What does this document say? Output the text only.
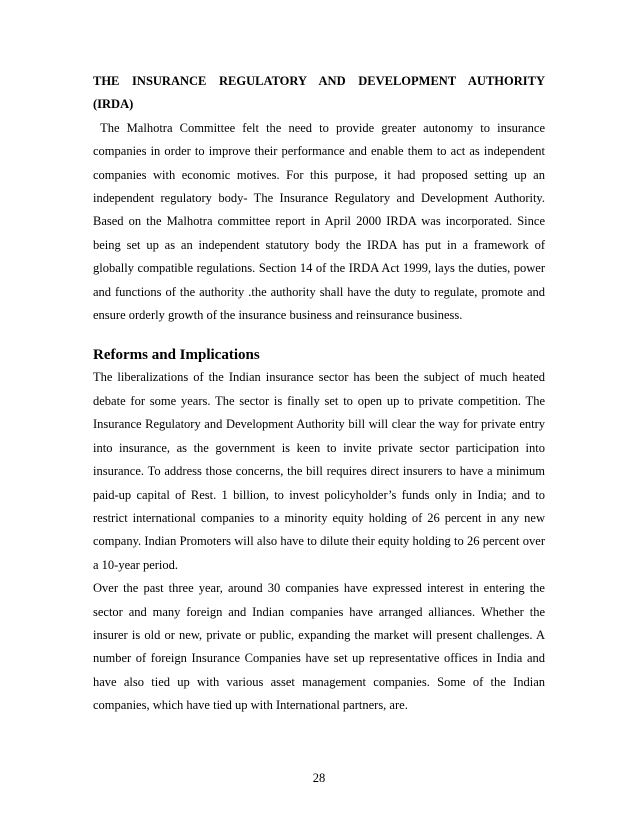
THE INSURANCE REGULATORY AND DEVELOPMENT AUTHORITY
(IRDA)

The Malhotra Committee felt the need to provide greater autonomy to insurance companies in order to improve their performance and enable them to act as independent companies with economic motives. For this purpose, it had proposed setting up an independent regulatory body- The Insurance Regulatory and Development Authority. Based on the Malhotra committee report in April 2000 IRDA was incorporated. Since being set up as an independent statutory body the IRDA has put in a framework of globally compatible regulations. Section 14 of the IRDA Act 1999, lays the duties, power and functions of the authority .the authority shall have the duty to regulate, promote and ensure orderly growth of the insurance business and reinsurance business.

Reforms and Implications

The liberalizations of the Indian insurance sector has been the subject of much heated debate for some years. The sector is finally set to open up to private competition. The Insurance Regulatory and Development Authority bill will clear the way for private entry into insurance, as the government is keen to invite private sector participation into insurance. To address those concerns, the bill requires direct insurers to have a minimum paid-up capital of Rest. 1 billion, to invest policyholder’s funds only in India; and to restrict international companies to a minority equity holding of 26 percent in any new company. Indian Promoters will also have to dilute their equity holding to 26 percent over a 10-year period.

Over the past three year, around 30 companies have expressed interest in entering the sector and many foreign and Indian companies have arranged alliances. Whether the insurer is old or new, private or public, expanding the market will present challenges. A number of foreign Insurance Companies have set up representative offices in India and have also tied up with various asset management companies. Some of the Indian companies, which have tied up with International partners, are.

28
